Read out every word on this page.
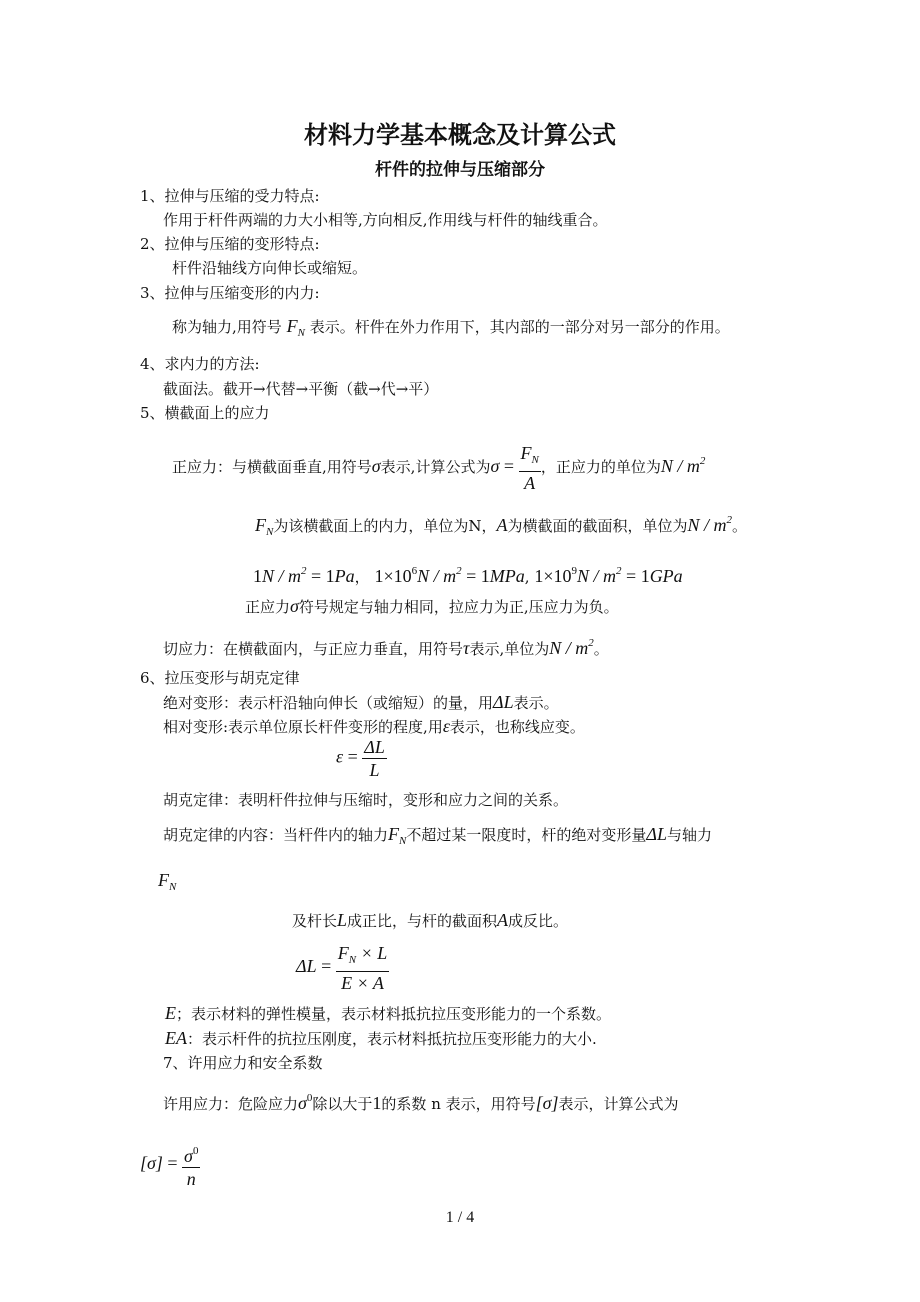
材料力学基本概念及计算公式
杆件的拉伸与压缩部分
1、拉伸与压缩的受力特点:
作用于杆件两端的力大小相等,方向相反,作用线与杆件的轴线重合。
2、拉伸与压缩的变形特点:
杆件沿轴线方向伸长或缩短。
3、拉伸与压缩变形的内力:
称为轴力,用符号 $F_N$ 表示。杆件在外力作用下，其内部的一部分对另一部分的作用。
4、求内力的方法:
截面法。截开→代替→平衡（截→代→平）
5、横截面上的应力
正应力：与横截面垂直,用符号σ表示,计算公式为$\sigma = \frac{F_N}{A}$ ，正应力的单位为N / $m^2$
$F_N$为该横截面上的内力，单位为N，A为横截面的截面积，单位为N / $m^2$。
$1N / m^2 = 1Pa$， $1\times 10^6N / m^2 = 1MPa$, $1\times 10^9N / m^2 = 1GPa$
正应力σ符号规定与轴力相同，拉应力为正,压应力为负。
切应力：在横截面内，与正应力垂直，用符号τ表示,单位为N / $m^2$。
6、拉压变形与胡克定律
绝对变形：表示杆沿轴向伸长（或缩短）的量，用ΔL表示。
相对变形:表示单位原长杆件变形的程度,用ε表示，也称线应变。
$\varepsilon = \frac{\Delta L}{L}$
胡克定律：表明杆件拉伸与压缩时，变形和应力之间的关系。
胡克定律的内容：当杆件内的轴力$F_N$不超过某一限度时，杆的绝对变形量ΔL与轴力
$F_N$
及杆长L成正比，与杆的截面积A成反比。
$\Delta L = \frac{F_N \times L}{E \times A}$
E；表示材料的弹性模量，表示材料抵抗拉压变形能力的一个系数。
EA：表示杆件的抗拉压刚度，表示材料抵抗拉压变形能力的大小.
7、许用应力和安全系数
许用应力：危险应力$\sigma^0$除以大于1的系数 n 表示，用符号[σ]表示，计算公式为
$[\sigma] = \frac{\sigma^0}{n}$
1 / 4
